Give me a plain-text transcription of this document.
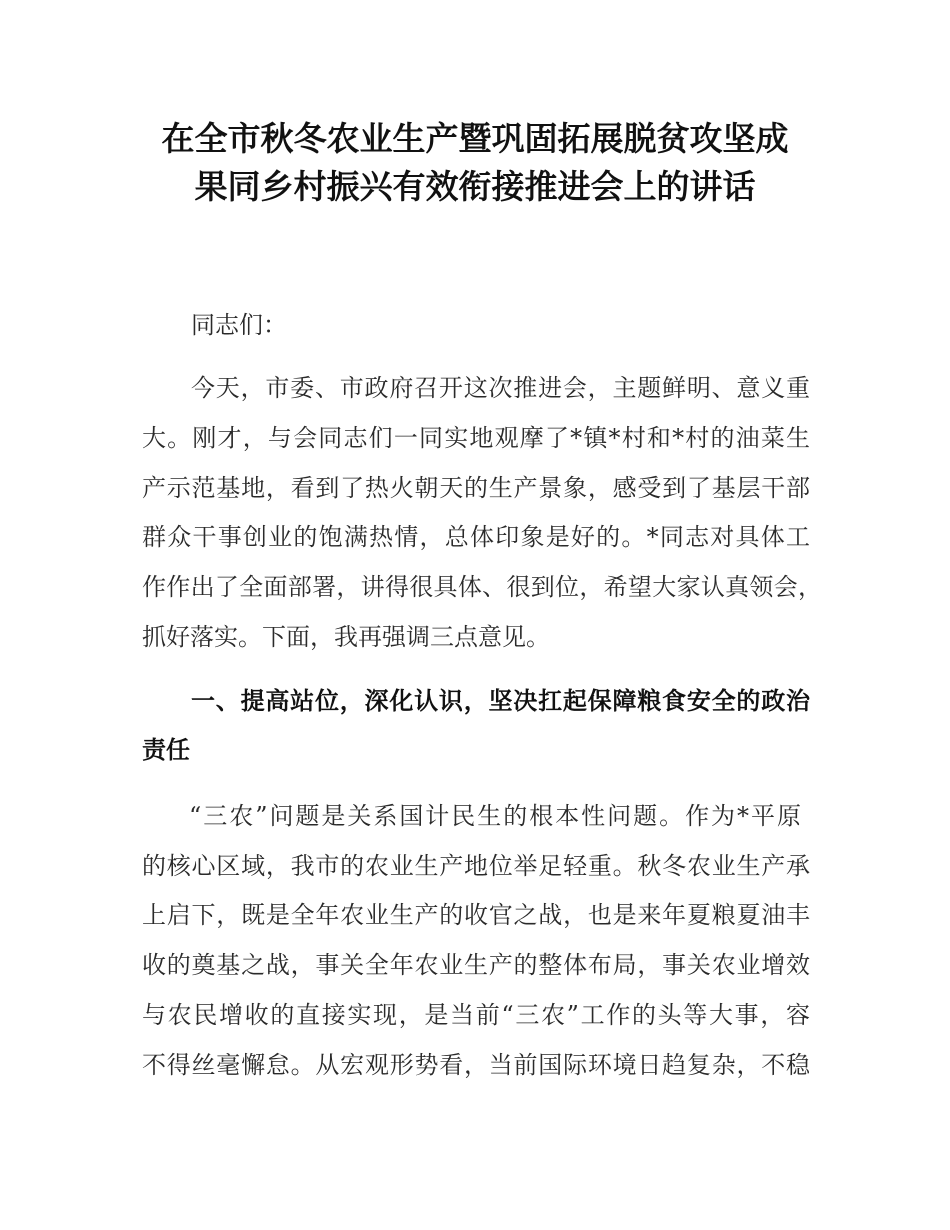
在全市秋冬农业生产暨巩固拓展脱贫攻坚成
果同乡村振兴有效衔接推进会上的讲话
同志们：
今天，市委、市政府召开这次推进会，主题鲜明、意义重
大。刚才，与会同志们一同实地观摩了*镇*村和*村的油菜生
产示范基地，看到了热火朝天的生产景象，感受到了基层干部
群众干事创业的饱满热情，总体印象是好的。*同志对具体工
作作出了全面部署，讲得很具体、很到位，希望大家认真领会，
抓好落实。下面，我再强调三点意见。
一、提高站位，深化认识，坚决扛起保障粮食安全的政治
责任
“三农”问题是关系国计民生的根本性问题。作为*平原
的核心区域，我市的农业生产地位举足轻重。秋冬农业生产承
上启下，既是全年农业生产的收官之战，也是来年夏粮夏油丰
收的奠基之战，事关全年农业生产的整体布局，事关农业增效
与农民增收的直接实现，是当前“三农”工作的头等大事，容
不得丝毫懈怠。从宏观形势看，当前国际环境日趋复杂，不稳
